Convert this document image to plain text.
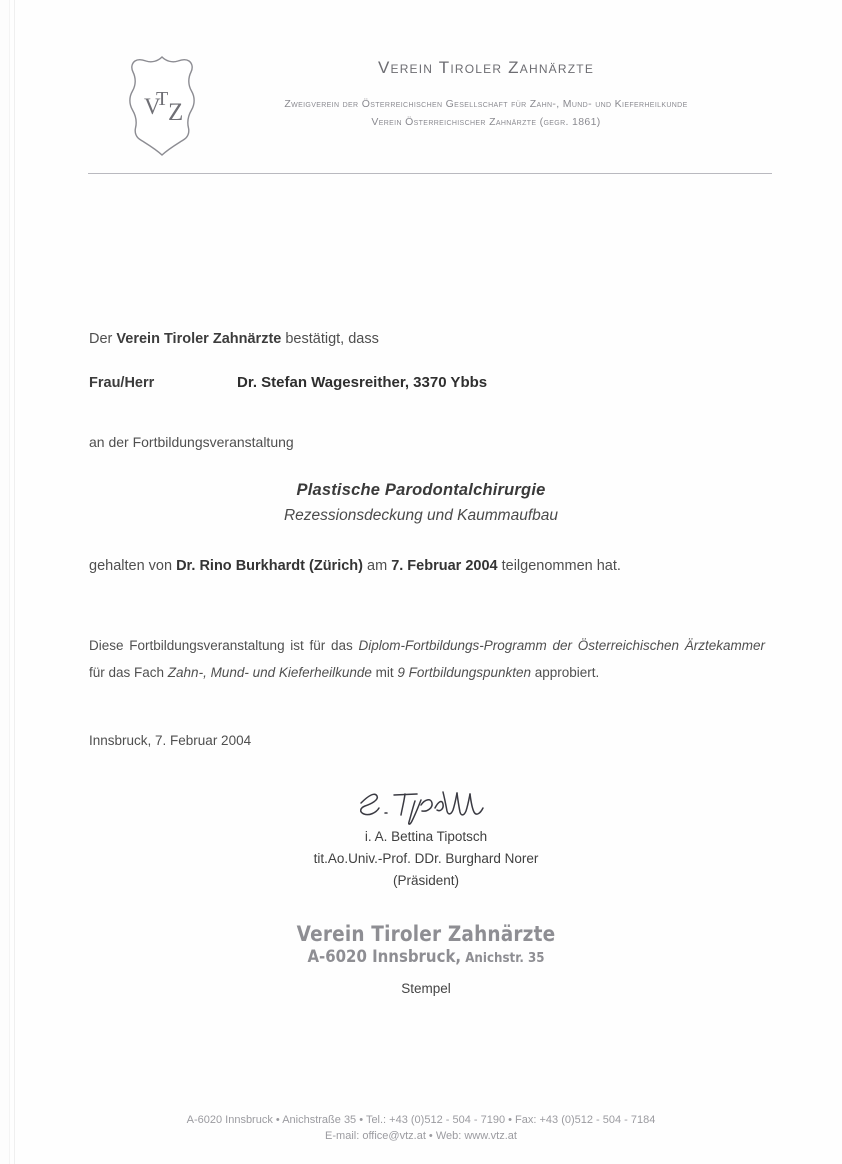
V
T Z
Verein Tiroler Zahnärzte
Zweigverein der Österreichischen Gesellschaft für Zahn-, Mund- und Kieferheilkunde
Verein Österreichischer Zahnärzte (gegr. 1861)
Der Verein Tiroler Zahnärzte bestätigt, dass
Frau/Herr	Dr. Stefan Wagesreither, 3370 Ybbs
an der Fortbildungsveranstaltung
Plastische Parodontalchirurgie
Rezessionsdeckung und Kaummaufbau
gehalten von Dr. Rino Burkhardt (Zürich) am 7. Februar 2004 teilgenommen hat.
Diese Fortbildungsveranstaltung ist für das Diplom-Fortbildungs-Programm der Österreichischen Ärztekammer für das Fach Zahn-, Mund- und Kieferheilkunde mit 9 Fortbildungspunkten approbiert.
Innsbruck, 7. Februar 2004
i. A. Bettina Tipotsch
tit.Ao.Univ.-Prof. DDr. Burghard Norer
(Präsident)
Verein Tiroler Zahnärzte
A-6020 Innsbruck, Anichstr. 35
Stempel
A-6020 Innsbruck • Anichstraße 35 • Tel.: +43 (0)512 - 504 - 7190 • Fax: +43 (0)512 - 504 - 7184
E-mail: office@vtz.at • Web: www.vtz.at
